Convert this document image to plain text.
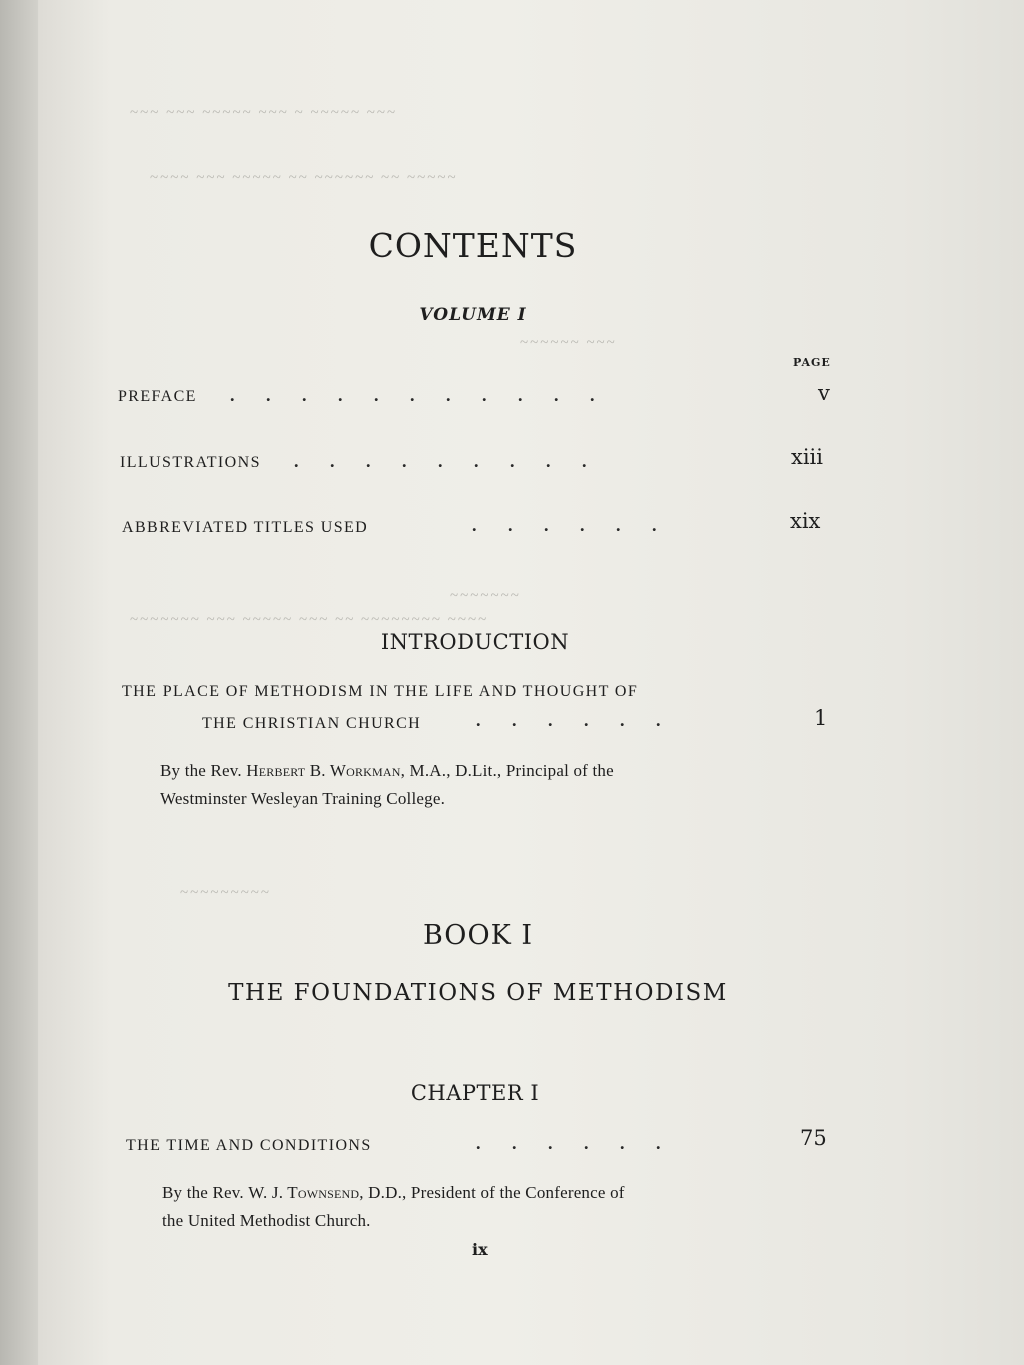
~~~ ~~~ ~~~~~ ~~~ ~ ~~~~~ ~~~
~~~~ ~~~ ~~~~~ ~~ ~~~~~~ ~~ ~~~~~
~~~~~~ ~~~
~~~~~~~
~~~~~~~ ~~~ ~~~~~ ~~~ ~~ ~~~~~~~~ ~~~~
~~~~~~~~~
CONTENTS
VOLUME I
PAGE
PREFACE .       .       .       .       .       .       .       .       .       .       .	v
ILLUSTRATIONS .       .       .       .       .       .       .       .       .	xiii
ABBREVIATED TITLES USED	.       .       .       .       .       .	xix
INTRODUCTION
THE PLACE OF METHODISM IN THE LIFE AND THOUGHT OF
THE CHRISTIAN CHURCH	.       .       .       .       .       .	1
By the Rev. Herbert B. Workman, M.A., D.Lit., Principal of the
Westminster Wesleyan Training College.
BOOK I
THE FOUNDATIONS OF METHODISM
CHAPTER I
THE TIME AND CONDITIONS	.       .       .       .       .       .	75
By the Rev. W. J. Townsend, D.D., President of the Conference of
the United Methodist Church.
ix
